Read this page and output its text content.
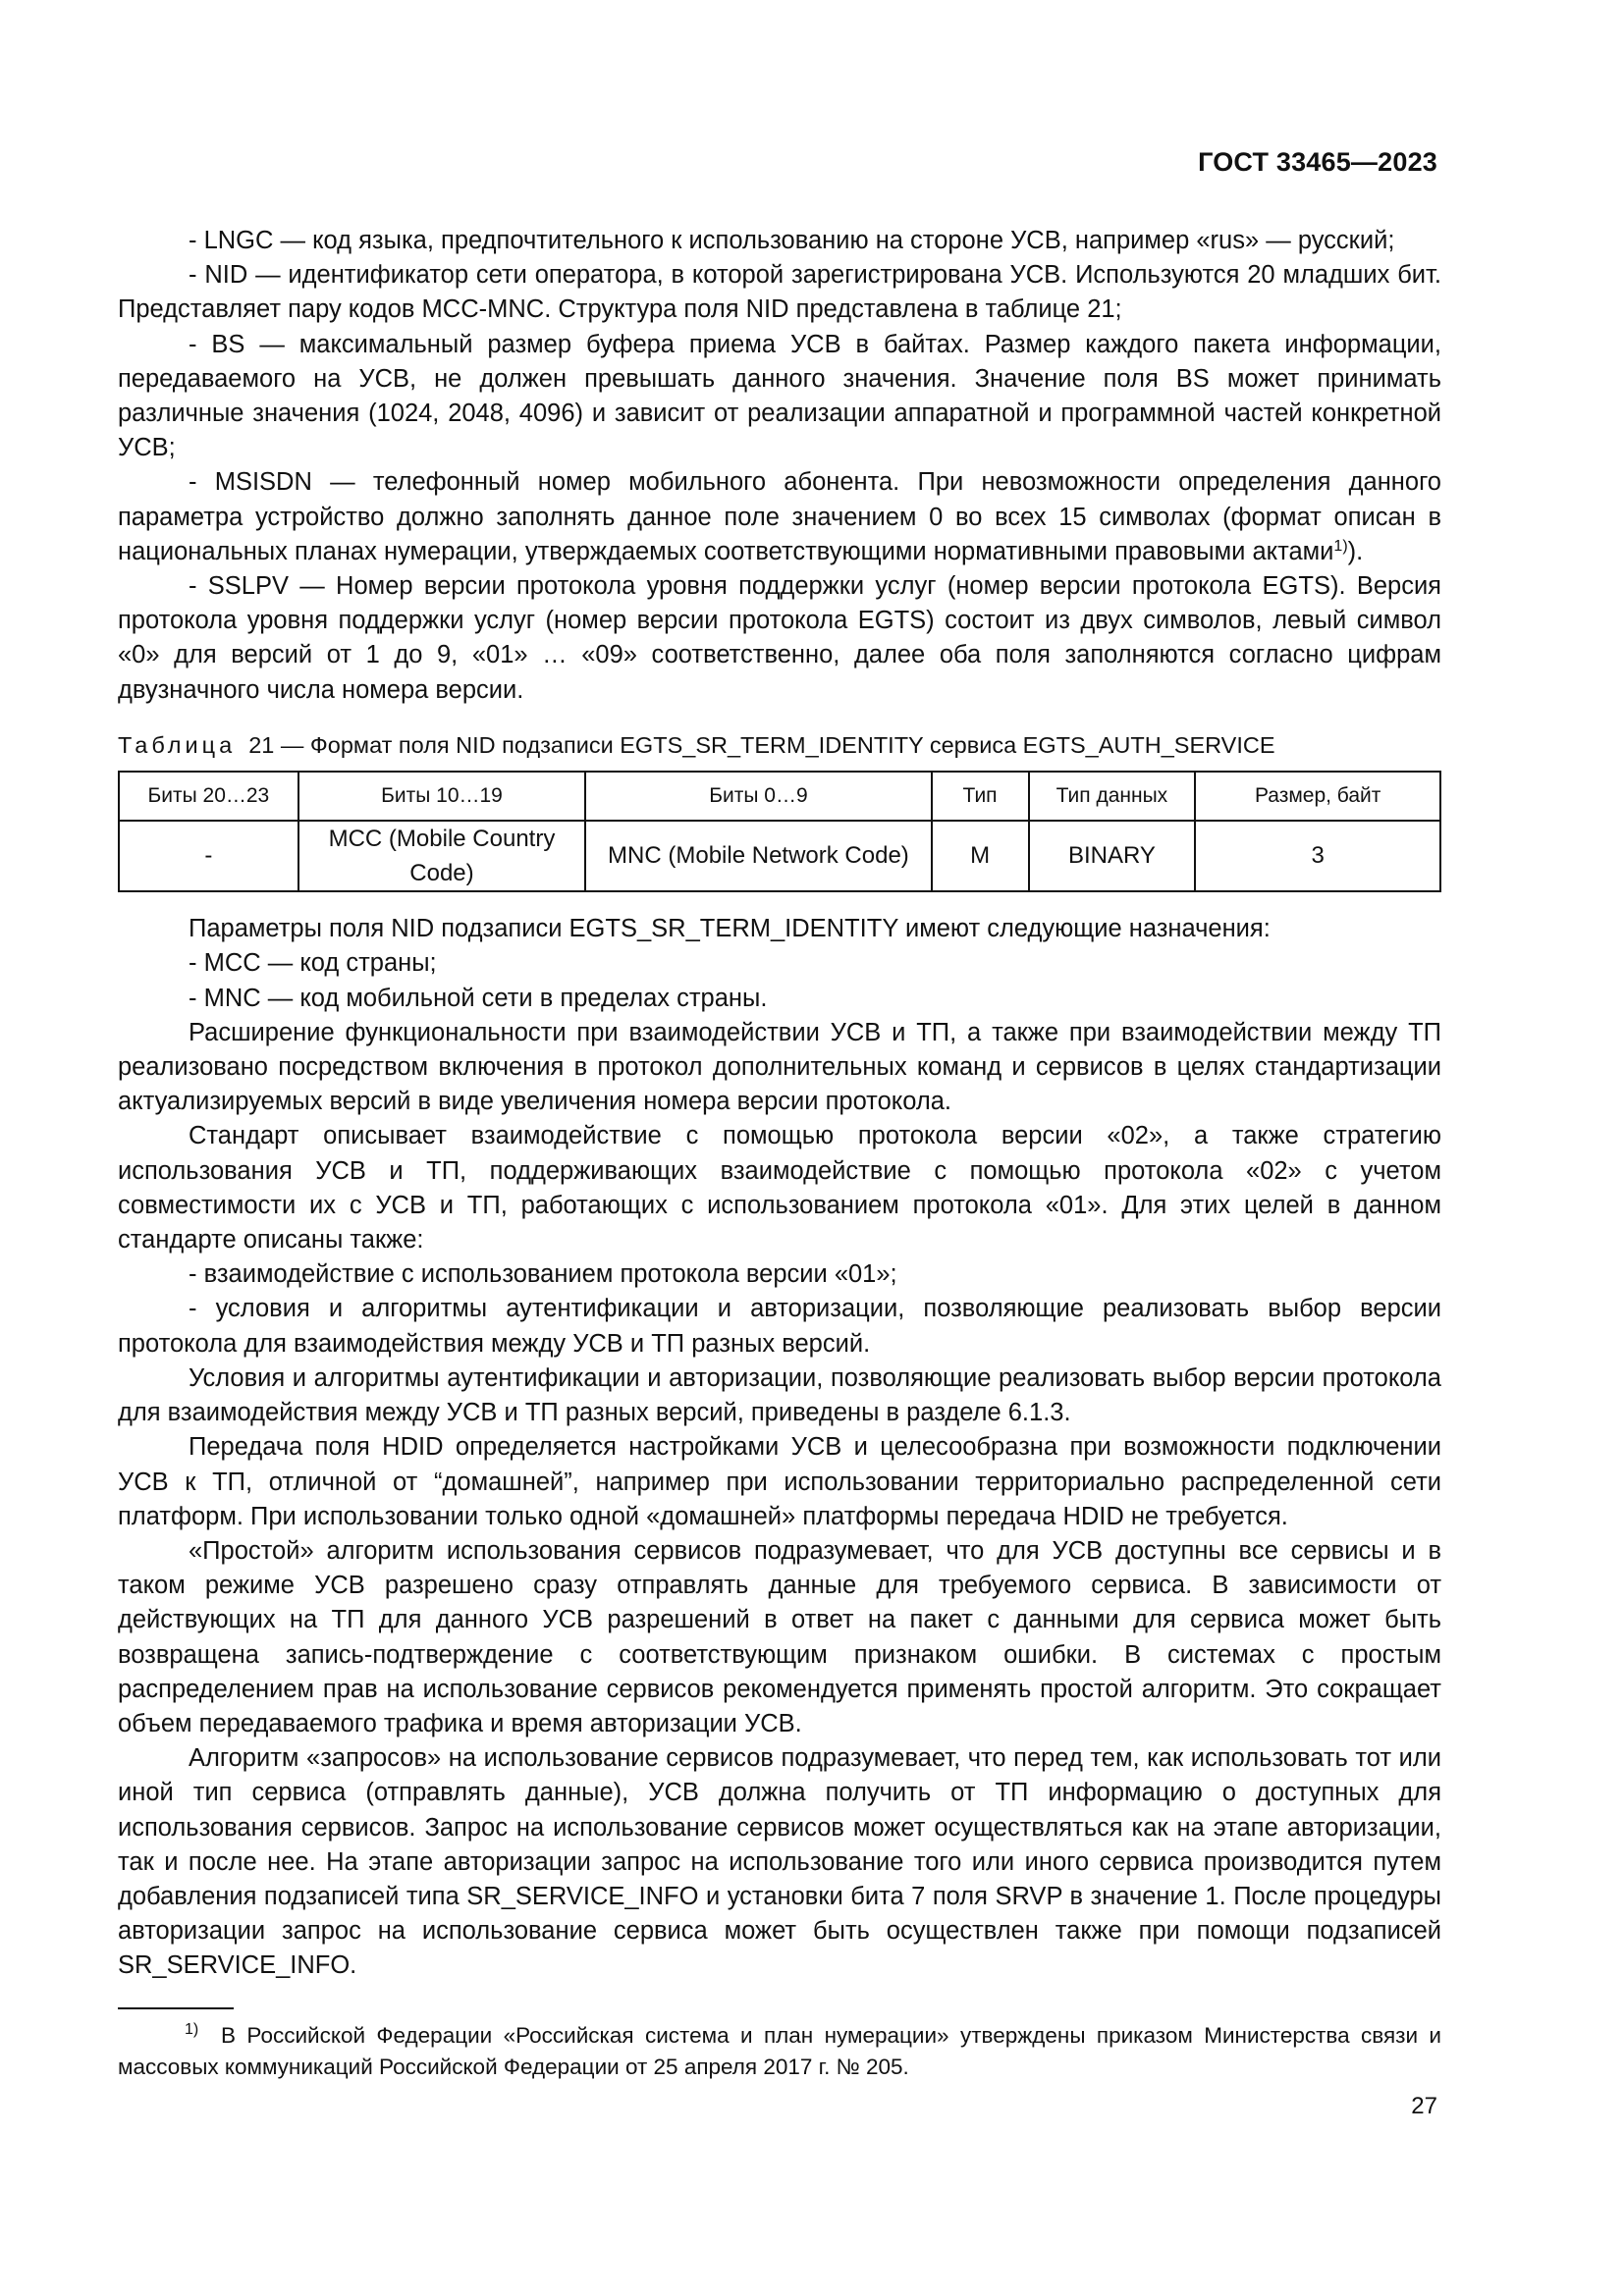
ГОСТ 33465—2023

- LNGC — код языка, предпочтительного к использованию на стороне УСВ, например «rus» — русский;

- NID — идентификатор сети оператора, в которой зарегистрирована УСВ. Используются 20 младших бит. Представляет пару кодов MCC-MNC. Структура поля NID представлена в таблице 21;

- BS — максимальный размер буфера приема УСВ в байтах. Размер каждого пакета информации, передаваемого на УСВ, не должен превышать данного значения. Значение поля BS может принимать различные значения (1024, 2048, 4096) и зависит от реализации аппаратной и программной частей конкретной УСВ;

- MSISDN — телефонный номер мобильного абонента. При невозможности определения данного параметра устройство должно заполнять данное поле значением 0 во всех 15 символах (формат описан в национальных планах нумерации, утверждаемых соответствующими нормативными правовыми актами$^{1)}$).

- SSLPV — Номер версии протокола уровня поддержки услуг (номер версии протокола EGTS). Версия протокола уровня поддержки услуг (номер версии протокола EGTS) состоит из двух символов, левый символ «0» для версий от 1 до 9, «01» … «09» соответственно, далее оба поля заполняются согласно цифрам двузначного числа номера версии.

Таблица 21 — Формат поля NID подзаписи EGTS_SR_TERM_IDENTITY сервиса EGTS_AUTH_SERVICE
Биты 20…23	Биты 10…19	Биты 0…9	Тип	Тип данных	Размер, байт
-	MCC (Mobile Country Code)	MNC (Mobile Network Code)	M	BINARY	3

Параметры поля NID подзаписи EGTS_SR_TERM_IDENTITY имеют следующие назначения:

- MCC — код страны;

- MNC — код мобильной сети в пределах страны.

Расширение функциональности при взаимодействии УСВ и ТП, а также при взаимодействии между ТП реализовано посредством включения в протокол дополнительных команд и сервисов в целях стандартизации актуализируемых версий в виде увеличения номера версии протокола.

Стандарт описывает взаимодействие с помощью протокола версии «02», а также стратегию использования УСВ и ТП, поддерживающих взаимодействие с помощью протокола «02» с учетом совместимости их с УСВ и ТП, работающих с использованием протокола «01». Для этих целей в данном стандарте описаны также:

- взаимодействие с использованием протокола версии «01»;

- условия и алгоритмы аутентификации и авторизации, позволяющие реализовать выбор версии протокола для взаимодействия между УСВ и ТП разных версий.

Условия и алгоритмы аутентификации и авторизации, позволяющие реализовать выбор версии протокола для взаимодействия между УСВ и ТП разных версий, приведены в разделе 6.1.3.

Передача поля HDID определяется настройками УСВ и целесообразна при возможности подключении УСВ к ТП, отличной от “домашней”, например при использовании территориально распределенной сети платформ. При использовании только одной «домашней» платформы передача HDID не требуется.

«Простой» алгоритм использования сервисов подразумевает, что для УСВ доступны все сервисы и в таком режиме УСВ разрешено сразу отправлять данные для требуемого сервиса. В зависимости от действующих на ТП для данного УСВ разрешений в ответ на пакет с данными для сервиса может быть возвращена запись-подтверждение с соответствующим признаком ошибки. В системах с простым распределением прав на использование сервисов рекомендуется применять простой алгоритм. Это сокращает объем передаваемого трафика и время авторизации УСВ.

Алгоритм «запросов» на использование сервисов подразумевает, что перед тем, как использовать тот или иной тип сервиса (отправлять данные), УСВ должна получить от ТП информацию о доступных для использования сервисов. Запрос на использование сервисов может осуществляться как на этапе авторизации, так и после нее. На этапе авторизации запрос на использование того или иного сервиса производится путем добавления подзаписей типа SR_SERVICE_INFO и установки бита 7 поля SRVP в значение 1. После процедуры авторизации запрос на использование сервиса может быть осуществлен также при помощи подзаписей SR_SERVICE_INFO.

$^{1)}$ В Российской Федерации «Российская система и план нумерации» утверждены приказом Министерства связи и массовых коммуникаций Российской Федерации от 25 апреля 2017 г. № 205.
27
